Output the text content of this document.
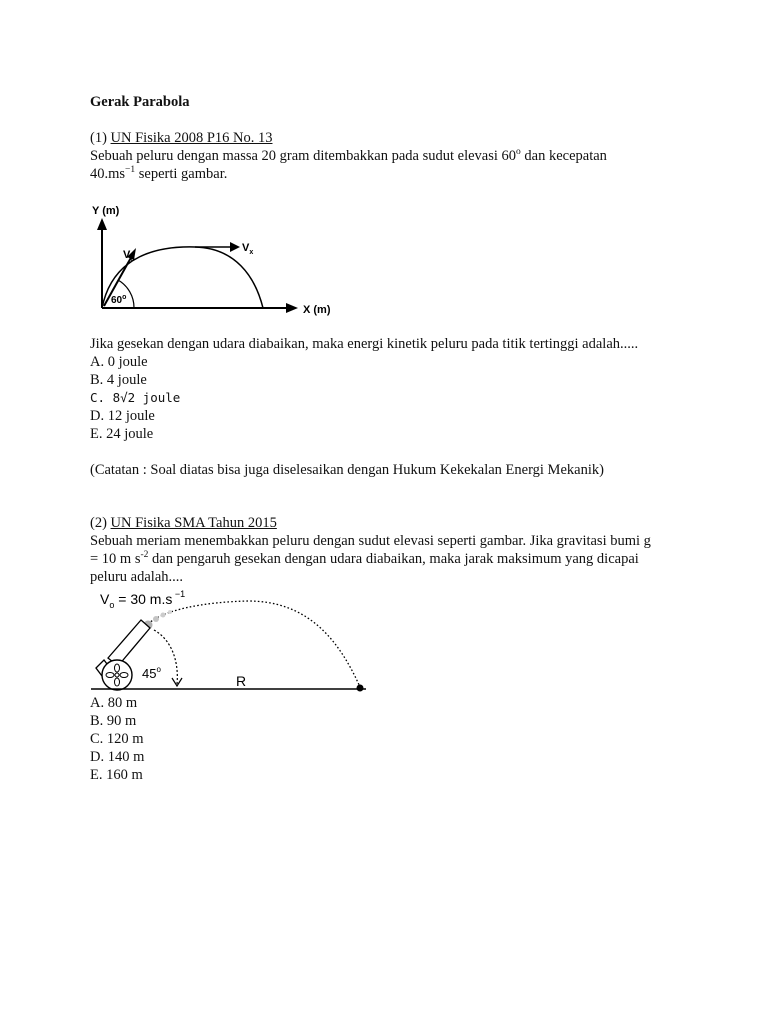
Gerak Parabola
(1) UN Fisika 2008 P16 No. 13
Sebuah peluru dengan massa 20 gram ditembakkan pada sudut elevasi 60$^o$ dan kecepatan
$40.ms^{-1}$ seperti gambar.
Y (m)
X (m)
$V_o$
$V_x$
60$^o$
Jika gesekan dengan udara diabaikan, maka energi kinetik peluru pada titik tertinggi adalah.....
A. 0 joule
B. 4 joule
C. 8√2 joule
D. 12 joule
E. 24 joule
(Catatan : Soal diatas bisa juga diselesaikan dengan Hukum Kekekalan Energi Mekanik)
(2) UN Fisika SMA Tahun 2015
Sebuah meriam menembakkan peluru dengan sudut elevasi seperti gambar. Jika gravitasi bumi g
= 10 m $s^{-2}$ dan pengaruh gesekan dengan udara diabaikan, maka jarak maksimum yang dicapai
peluru adalah....
$V_o = 30$ m.s $^{-1}$
45$^o$
R
A. 80 m
B. 90 m
C. 120 m
D. 140 m
E. 160 m
